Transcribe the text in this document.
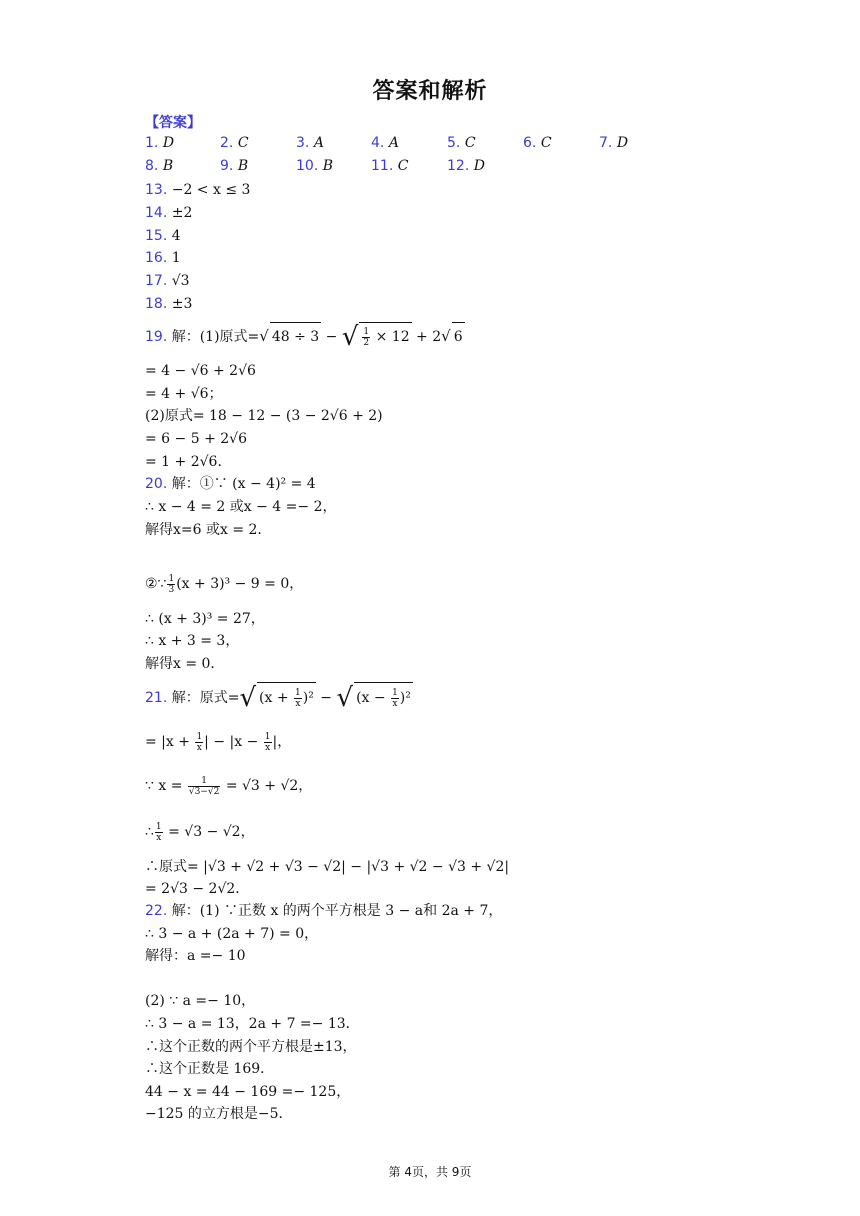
答案和解析
【答案】
1. D	2. C	3. A	4. A	5. C	6. C	7. D
8. B	9. B	10. B	11. C	12. D
13. −2 < x ≤ 3
14. ±2
15. 4
16. 1
17. √3
18. ±3
19. 解：(1)原式=√ 48 ÷ 3 − √ $\frac{1}{2} \times 12 + 2√$ 6
= 4 − √6 + 2√6
= 4 + √6；
(2)原式= 18 − 12 − (3 − 2√6 + 2)
= 6 − 5 + 2√6
= 1 + 2√6．
20. 解：①∵ (x − 4)² = 4
∴ x − 4 = 2 或x − 4 =− 2，
解得x=6 或x = 2．
②∵ $\frac{1}{3} (x + 3)^3 - 9 = 0$，
∴ (x + 3)³ = 27，
∴ x + 3 = 3，
解得x = 0．
21. 解：原式=√ $(x + \frac{1}{x} )^2$ − √ $(x - \frac{1}{x} )^2$
= $|x + \frac{1}{x}$ | − $|x - \frac{1}{x}$ |，
∵ $x = \frac{1}{√3-√2} = √3 + √2$，
∴ $\frac{1}{x} = √3 - √2$，
∴原式= |√3 + √2 + √3 − √2| − |√3 + √2 − √3 + √2|
= 2√3 − 2√2．
22. 解：(1) ∵正数 x 的两个平方根是 3 − a和 2a + 7，
∴ 3 − a + (2a + 7) = 0，
解得：a =− 10
(2) ∵ a =− 10，
∴ 3 − a = 13，2a + 7 =− 13．
∴这个正数的两个平方根是±13，
∴这个正数是 169．
44 − x = 44 − 169 =− 125，
−125 的立方根是−5．
第 4页，共 9页
